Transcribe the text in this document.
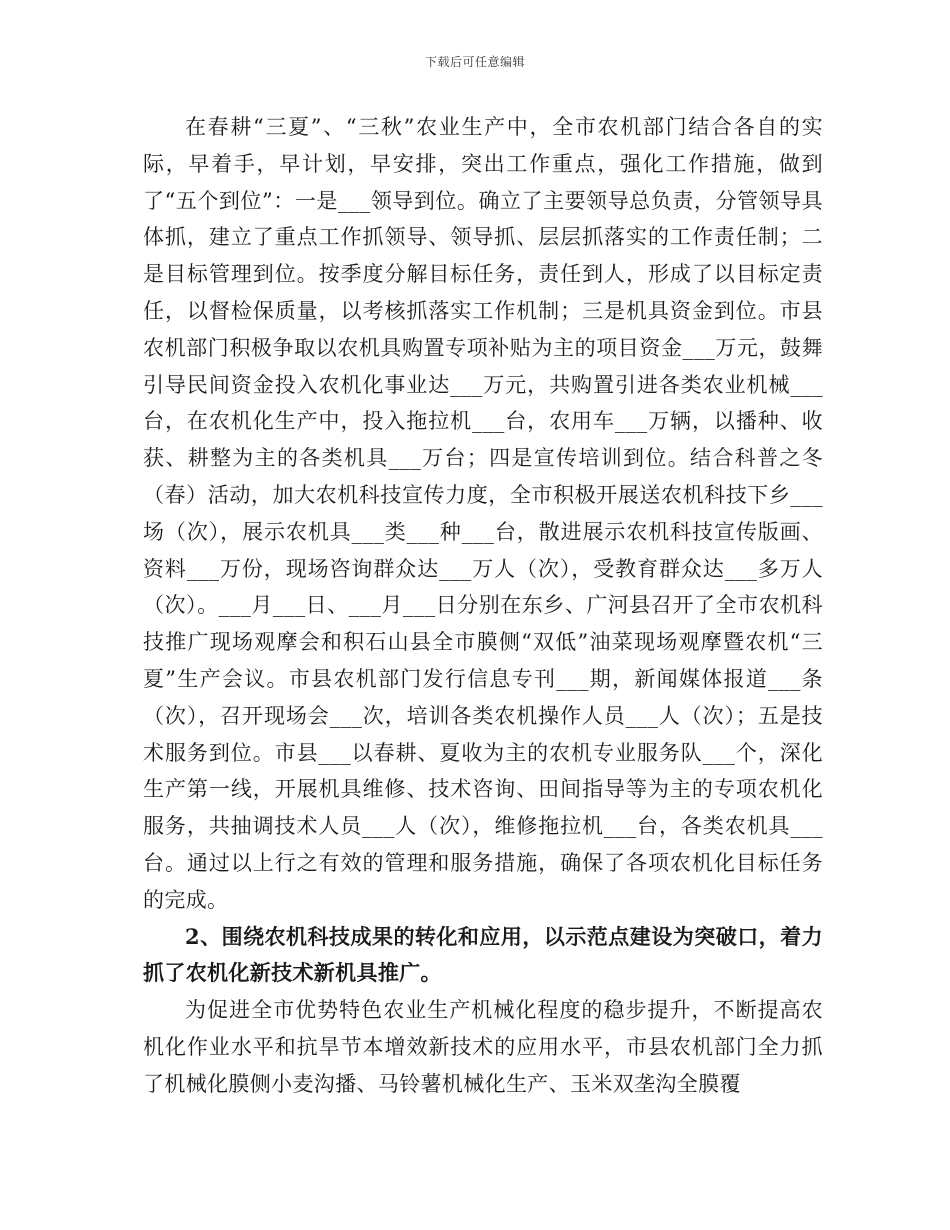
下载后可任意编辑

在春耕“三夏”、“三秋”农业生产中，全市农机部门结合各自的实际，早着手，早计划，早安排，突出工作重点，强化工作措施，做到了“五个到位”：一是___领导到位。确立了主要领导总负责，分管领导具体抓，建立了重点工作抓领导、领导抓、层层抓落实的工作责任制；二是目标管理到位。按季度分解目标任务，责任到人，形成了以目标定责任，以督检保质量，以考核抓落实工作机制；三是机具资金到位。市县农机部门积极争取以农机具购置专项补贴为主的项目资金___万元，鼓舞引导民间资金投入农机化事业达___万元，共购置引进各类农业机械___台，在农机化生产中，投入拖拉机___台，农用车___万辆，以播种、收获、耕整为主的各类机具___万台；四是宣传培训到位。结合科普之冬（春）活动，加大农机科技宣传力度，全市积极开展送农机科技下乡___场（次），展示农机具___类___种___台，散进展示农机科技宣传版画、资料___万份，现场咨询群众达___万人（次），受教育群众达___多万人（次）。___月___日、___月___日分别在东乡、广河县召开了全市农机科技推广现场观摩会和积石山县全市膜侧“双低”油菜现场观摩暨农机“三夏”生产会议。市县农机部门发行信息专刊___期，新闻媒体报道___条（次），召开现场会___次，培训各类农机操作人员___人（次）；五是技术服务到位。市县___以春耕、夏收为主的农机专业服务队___个，深化生产第一线，开展机具维修、技术咨询、田间指导等为主的专项农机化服务，共抽调技术人员___人（次），维修拖拉机___台，各类农机具___台。通过以上行之有效的管理和服务措施，确保了各项农机化目标任务的完成。

2、围绕农机科技成果的转化和应用，以示范点建设为突破口，着力抓了农机化新技术新机具推广。

为促进全市优势特色农业生产机械化程度的稳步提升，不断提高农机化作业水平和抗旱节本增效新技术的应用水平，市县农机部门全力抓了机械化膜侧小麦沟播、马铃薯机械化生产、玉米双垄沟全膜覆
